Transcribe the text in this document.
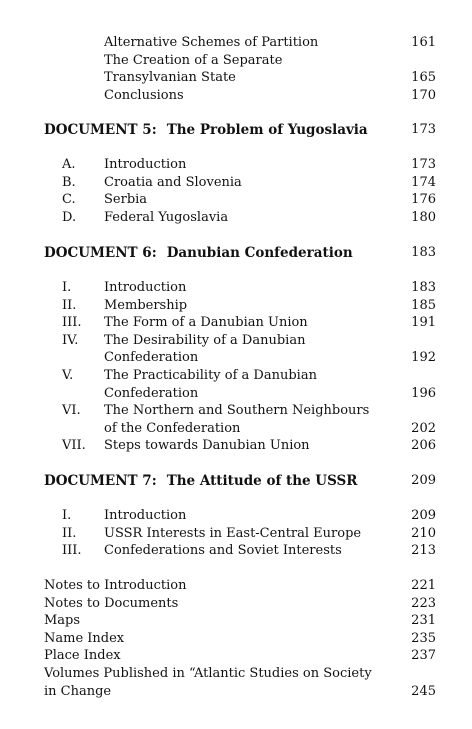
Alternative Schemes of Partition	161
The Creation of a Separate
Transylvanian State	165
Conclusions	170
DOCUMENT 5: The Problem of Yugoslavia	173
A. Introduction	173
B. Croatia and Slovenia	174
C. Serbia	176
D. Federal Yugoslavia	180
DOCUMENT 6: Danubian Confederation	183
I.	Introduction	183
II. Membership	185
III. The Form of a Danubian Union	191
IV. The Desirability of a Danubian
Confederation	192
V. The Practicability of a Danubian
Confederation	196
VI. The Northern and Southern Neighbours
of the Confederation	202
VII. Steps towards Danubian Union	206
DOCUMENT 7: The Attitude of the USSR	209
I.	Introduction	209
II. USSR Interests in East-Central Europe	210
III. Confederations and Soviet Interests	213
Notes to Introduction	221
Notes to Documents	223
Maps	231
Name Index	235
Place Index	237
Volumes Published in “Atlantic Studies on Society
in Change	245
